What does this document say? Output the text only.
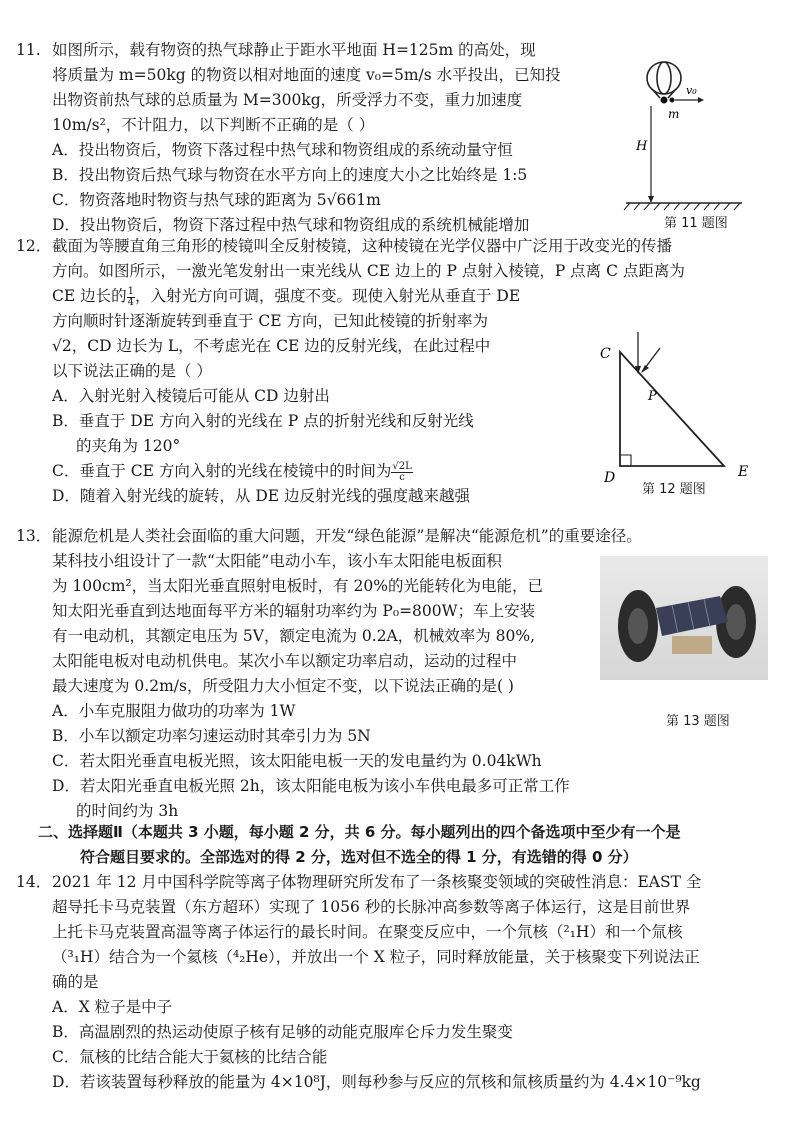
11. 如图所示，载有物资的热气球静止于距水平地面 H=125m 的高处，现
将质量为 m=50kg 的物资以相对地面的速度 v₀=5m/s 水平投出，已知投
出物资前热气球的总质量为 M=300kg，所受浮力不变，重力加速度
10m/s²，不计阻力，以下判断不正确的是（ ）
A．投出物资后，物资下落过程中热气球和物资组成的系统动量守恒
B．投出物资后热气球与物资在水平方向上的速度大小之比始终是 1:5
C．物资落地时物资与热气球的距离为 5√661m
D．投出物资后，物资下落过程中热气球和物资组成的系统机械能增加
v₀
m
H
第 11 题图
12． 截面为等腰直角三角形的棱镜叫全反射棱镜，这种棱镜在光学仪器中广泛用于改变光的传播
方向。如图所示，一激光笔发射出一束光线从 CE 边上的 P 点射入棱镜，P 点离 C 点距离为
CE 边长的 $\frac{1}{4}$ ，入射光方向可调，强度不变。现使入射光从垂直于 DE
方向顺时针逐渐旋转到垂直于 CE 方向，已知此棱镜的折射率为
√2，CD 边长为 L，不考虑光在 CE 边的反射光线，在此过程中
以下说法正确的是（ ）
A．入射光射入棱镜后可能从 CD 边射出
B．垂直于 DE 方向入射的光线在 P 点的折射光线和反射光线
的夹角为 120°
C．垂直于 CE 方向入射的光线在棱镜中的时间为 $\frac{√2L}{c}$
D．随着入射光线的旋转，从 DE 边反射光线的强度越来越强
C
P
D	E
第 12 题图
13． 能源危机是人类社会面临的重大问题，开发“绿色能源”是解决“能源危机”的重要途径。
某科技小组设计了一款“太阳能”电动小车，该小车太阳能电板面积
为 100cm²，当太阳光垂直照射电板时，有 20%的光能转化为电能，已
知太阳光垂直到达地面每平方米的辐射功率约为 P₀=800W；车上安装
有一电动机，其额定电压为 5V，额定电流为 0.2A，机械效率为 80%,
太阳能电板对电动机供电。某次小车以额定功率启动，运动的过程中
最大速度为 0.2m/s，所受阻力大小恒定不变，以下说法正确的是( )
A．小车克服阻力做功的功率为 1W
B．小车以额定功率匀速运动时其牵引力为 5N
C．若太阳光垂直电板光照，该太阳能电板一天的发电量约为 0.04kWh
D．若太阳光垂直电板光照 2h，该太阳能电板为该小车供电最多可正常工作
的时间约为 3h
第 13 题图
二、选择题Ⅱ（本题共 3 小题，每小题 2 分，共 6 分。每小题列出的四个备选项中至少有一个是
符合题目要求的。全部选对的得 2 分，选对但不选全的得 1 分，有选错的得 0 分）
14． 2021 年 12 月中国科学院等离子体物理研究所发布了一条核聚变领域的突破性消息：EAST 全
超导托卡马克装置（东方超环）实现了 1056 秒的长脉冲高参数等离子体运行，这是目前世界
上托卡马克装置高温等离子体运行的最长时间。在聚变反应中，一个氘核（²₁H）和一个氚核
（³₁H）结合为一个氦核（⁴₂He），并放出一个 X 粒子，同时释放能量，关于核聚变下列说法正
确的是
A．X 粒子是中子
B．高温剧烈的热运动使原子核有足够的动能克服库仑斥力发生聚变
C．氚核的比结合能大于氦核的比结合能
D．若该装置每秒释放的能量为 4×10⁸J，则每秒参与反应的氘核和氚核质量约为 4.4×10⁻⁹kg
